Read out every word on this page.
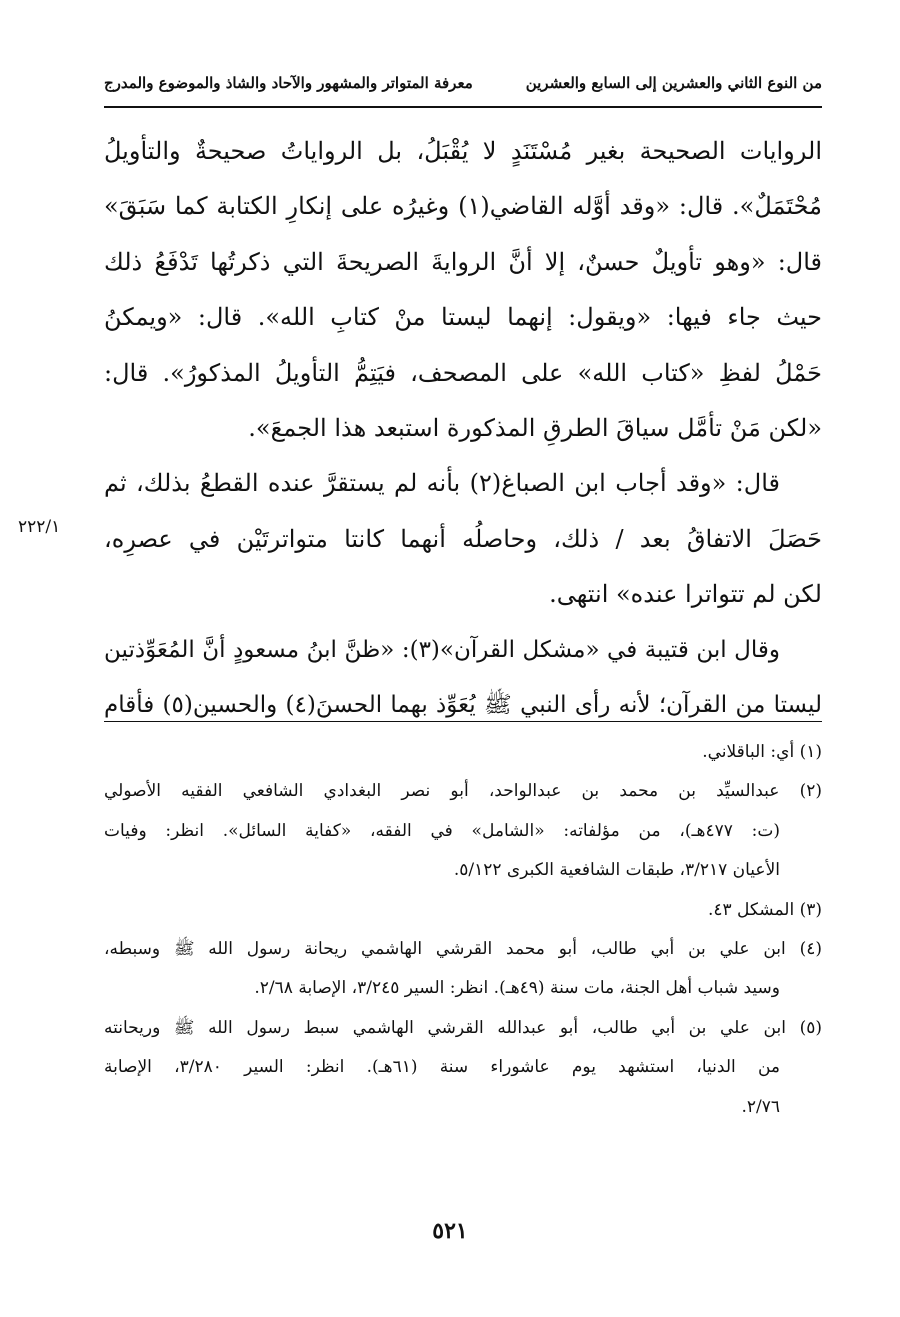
من النوع الثاني والعشرين إلى السابع والعشرين
معرفة المتواتر والمشهور والآحاد والشاذ والموضوع والمدرج
الروايات الصحيحة بغير مُسْتَنَدٍ لا يُقْبَلُ، بل الرواياتُ صحيحةٌ والتأويلُ
مُحْتَمَلٌ». قال: «وقد أوَّله القاضي(١) وغيرُه على إنكارِ الكتابة كما سَبَقَ»
قال: «وهو تأويلٌ حسنٌ، إلا أنَّ الروايةَ الصريحةَ التي ذكرتُها تَدْفَعُ ذلك
حيث جاء فيها: «ويقول: إنهما ليستا منْ كتابِ الله». قال: «ويمكنُ
حَمْلُ لفظِ «كتاب الله» على المصحف، فيَتِمُّ التأويلُ المذكورُ». قال:
«لكن مَنْ تأمَّل سياقَ الطرقِ المذكورة استبعد هذا الجمعَ».
قال: «وقد أجاب ابن الصباغ(٢) بأنه لم يستقرَّ عنده القطعُ بذلك، ثم
حَصَلَ الاتفاقُ بعد / ذلك، وحاصلُه أنهما كانتا متواترتَيْن في عصرِه،
لكن لم تتواترا عنده» انتهى.
وقال ابن قتيبة في «مشكل القرآن»(٣): «ظنَّ ابنُ مسعودٍ أنَّ المُعَوِّذتين
ليستا من القرآن؛ لأنه رأى النبي ﷺ يُعَوِّذ بهما الحسنَ(٤) والحسين(٥) فأقام
٢٢٢/١
(١) أي: الباقلاني.
(٢) عبدالسيِّد بن محمد بن عبدالواحد، أبو نصر البغدادي الشافعي الفقيه الأصولي
(ت: ٤٧٧هـ)، من مؤلفاته: «الشامل» في الفقه، «كفاية السائل». انظر: وفيات
الأعيان ٣/٢١٧، طبقات الشافعية الكبرى ٥/١٢٢.
(٣) المشكل ٤٣.
(٤) ابن علي بن أبي طالب، أبو محمد القرشي الهاشمي ريحانة رسول الله ﷺ وسبطه،
وسيد شباب أهل الجنة، مات سنة (٤٩هـ). انظر: السير ٣/٢٤٥، الإصابة ٢/٦٨.
(٥) ابن علي بن أبي طالب، أبو عبدالله القرشي الهاشمي سبط رسول الله ﷺ وريحانته
من الدنيا، استشهد يوم عاشوراء سنة (٦١هـ). انظر: السير ٣/٢٨٠، الإصابة
٢/٧٦.
٥٢١
